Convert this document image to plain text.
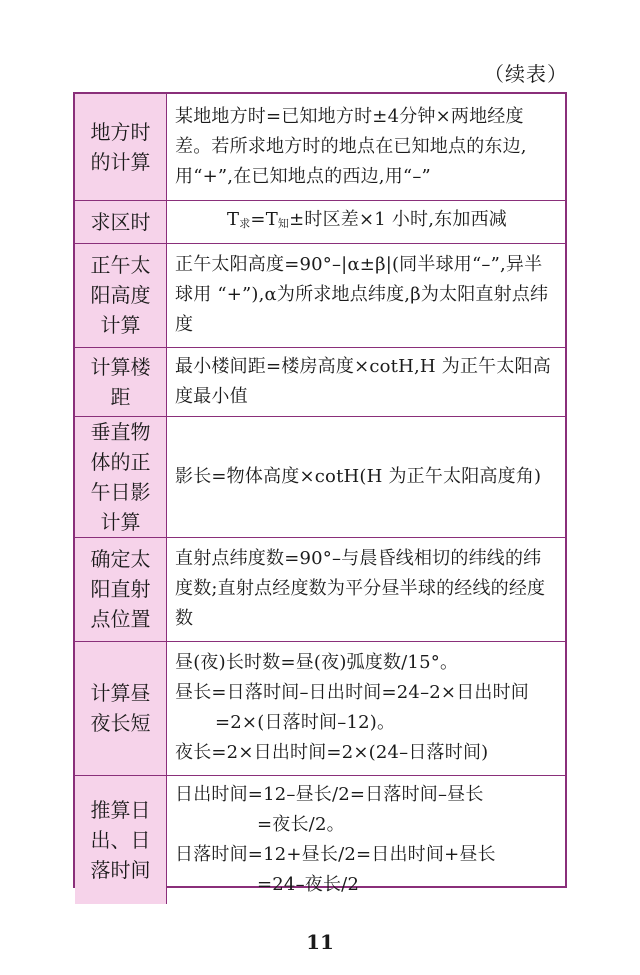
（续表）
地方时的计算	某地地方时=已知地方时±4分钟×两地经度差。若所求地方时的地点在已知地点的东边,用“+”,在已知地点的西边,用“–”
求区时	$T_求=T_知\pm$时区差×1 小时,东加西减
正午太阳高度计算	正午太阳高度=90°–|α±β|(同半球用“–”,异半球用 “+”),α为所求地点纬度,β为太阳直射点纬度
计算楼距	最小楼间距=楼房高度×cotH,H 为正午太阳高度最小值
垂直物体的正午日影计算	影长=物体高度×cotH(H 为正午太阳高度角)
确定太阳直射点位置	直射点纬度数=90°–与晨昏线相切的纬线的纬度数;直射点经度数为平分昼半球的经线的经度数
计算昼夜长短	昼(夜)长时数=昼(夜)弧度数/15°。
昼长=日落时间–日出时间=24–2×日出时间
=2×(日落时间–12)。
夜长=2×日出时间=2×(24–日落时间)

推算日出、日落时间	日出时间=12–昼长/2=日落时间–昼长
=夜长/2。
日落时间=12+昼长/2=日出时间+昼长
=24–夜长/2
11
